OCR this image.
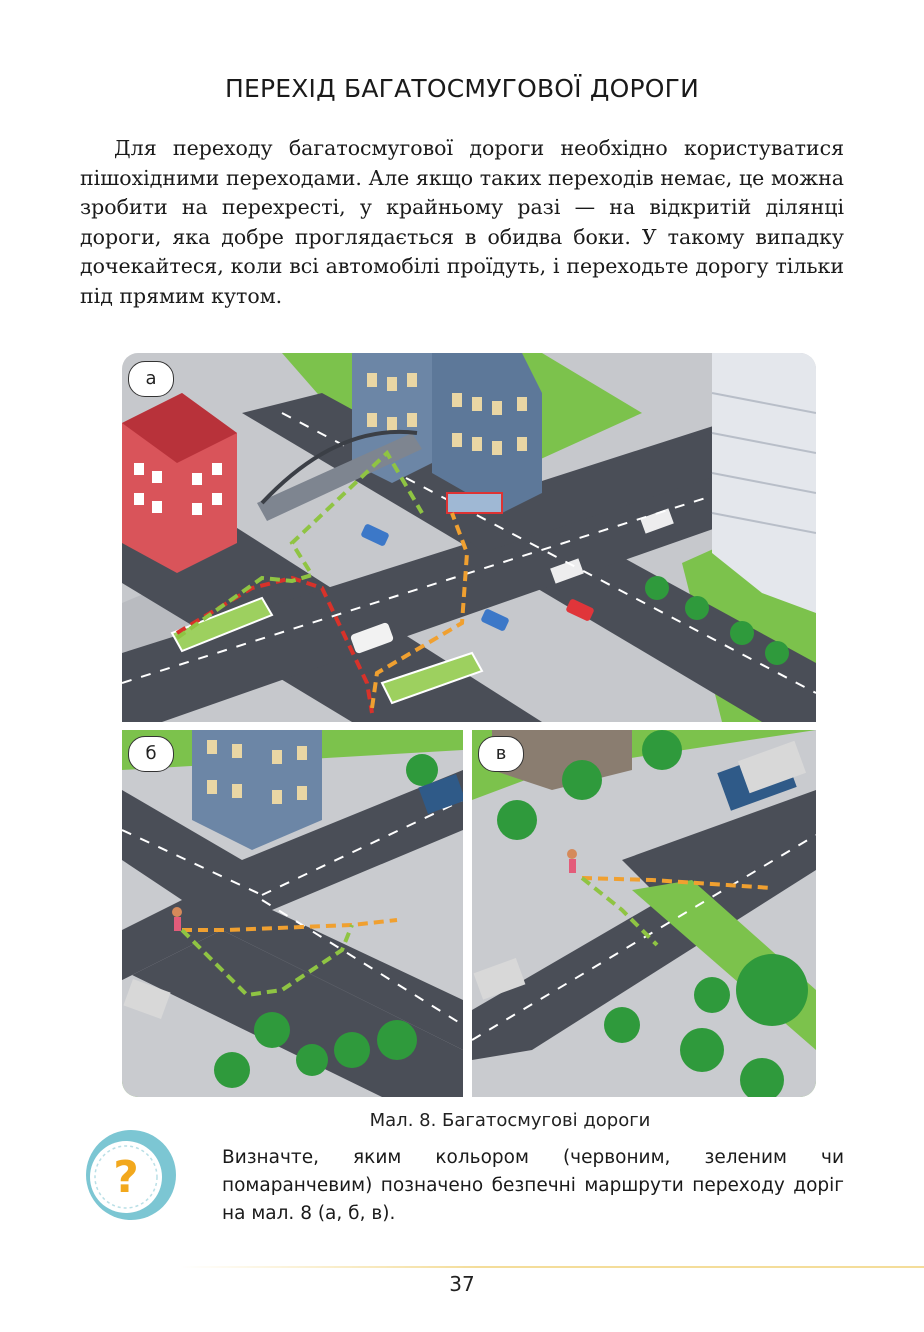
ПЕРЕХІД БАГАТОСМУГОВОЇ ДОРОГИ
Для переходу багатосмугової дороги необхідно користуватися пішохідними переходами. Але якщо таких переходів немає, це можна зробити на перехресті, у крайньому разі — на відкритій ділянці дороги, яка добре проглядається в обидва боки. У такому випадку дочекайтеся, коли всі автомобілі проїдуть, і переходьте дорогу тільки під прямим кутом.
а
б	в
Мал. 8. Багатосмугові дороги
?	Визначте, яким кольором (червоним, зеленим чи помаранчевим) позначено безпечні маршрути переходу доріг на мал. 8 (а, б, в).
37
